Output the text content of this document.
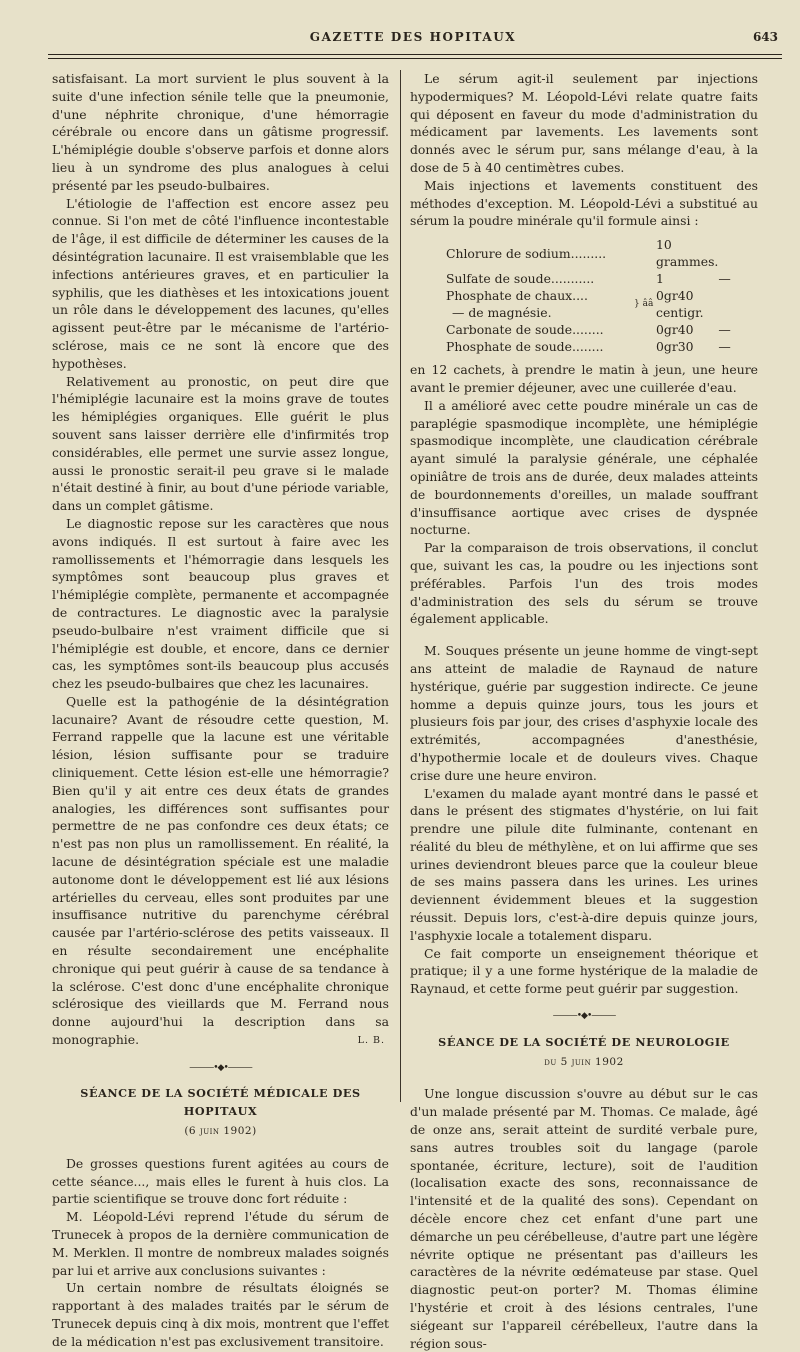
GAZETTE DES HOPITAUX	643

satisfaisant. La mort survient le plus souvent à la suite d'une infection sénile telle que la pneumonie, d'une néphrite chronique, d'une hémorragie cérébrale ou encore dans un gâtisme progressif. L'hémiplégie double s'observe parfois et donne alors lieu à un syndrome des plus analogues à celui présenté par les pseudo-bulbaires.

L'étiologie de l'affection est encore assez peu connue. Si l'on met de côté l'influence incontestable de l'âge, il est difficile de déterminer les causes de la désintégration lacunaire. Il est vraisemblable que les infections antérieures graves, et en particulier la syphilis, que les diathèses et les intoxications jouent un rôle dans le développement des lacunes, qu'elles agissent peut-être par le mécanisme de l'artério-sclérose, mais ce ne sont là encore que des hypothèses.

Relativement au pronostic, on peut dire que l'hémiplégie lacunaire est la moins grave de toutes les hémiplégies organiques. Elle guérit le plus souvent sans laisser derrière elle d'infirmités trop considérables, elle permet une survie assez longue, aussi le pronostic serait-il peu grave si le malade n'était destiné à finir, au bout d'une période variable, dans un complet gâtisme.

Le diagnostic repose sur les caractères que nous avons indiqués. Il est surtout à faire avec les ramollissements et l'hémorragie dans lesquels les symptômes sont beaucoup plus graves et l'hémiplégie complète, permanente et accompagnée de contractures. Le diagnostic avec la paralysie pseudo-bulbaire n'est vraiment difficile que si l'hémiplégie est double, et encore, dans ce dernier cas, les symptômes sont-ils beaucoup plus accusés chez les pseudo-bulbaires que chez les lacunaires.

Quelle est la pathogénie de la désintégration lacunaire? Avant de résoudre cette question, M. Ferrand rappelle que la lacune est une véritable lésion, lésion suffisante pour se traduire cliniquement. Cette lésion est-elle une hémorragie? Bien qu'il y ait entre ces deux états de grandes analogies, les différences sont suffisantes pour permettre de ne pas confondre ces deux états; ce n'est pas non plus un ramollissement. En réalité, la lacune de désintégration spéciale est une maladie autonome dont le développement est lié aux lésions artérielles du cerveau, elles sont produites par une insuffisance nutritive du parenchyme cérébral causée par l'artério-sclérose des petits vaisseaux. Il en résulte secondairement une encéphalite chronique qui peut guérir à cause de sa tendance à la sclérose. C'est donc d'une encéphalite chronique sclérosique des vieillards que M. Ferrand nous donne aujourd'hui la description dans sa monographie.	L. B.

———•◆•———

SÉANCE DE LA SOCIÉTÉ MÉDICALE DES HOPITAUX

(6 juin 1902)

De grosses questions furent agitées au cours de cette séance..., mais elles le furent à huis clos. La partie scientifique se trouve donc fort réduite :

M. Léopold-Lévi reprend l'étude du sérum de Trunecek à propos de la dernière communication de M. Merklen. Il montre de nombreux malades soignés par lui et arrive aux conclusions suivantes :

Un certain nombre de résultats éloignés se rapportant à des malades traités par le sérum de Trunecek depuis cinq à dix mois, montrent que l'effet de la médication n'est pas exclusivement transitoire.

Le sérum agit-il seulement par injections hypodermiques? M. Léopold-Lévi relate quatre faits qui déposent en faveur du mode d'administration du médicament par lavements. Les lavements sont donnés avec le sérum pur, sans mélange d'eau, à la dose de 5 à 40 centimètres cubes.

Mais injections et lavements constituent des méthodes d'exception. M. Léopold-Lévi a substitué au sérum la poudre minérale qu'il formule ainsi :

Chlorure de sodium.........		10 grammes.	
Sulfate de soude...........		1	—
Phosphate de chaux....	} ââ	0gr40 centigr.	
— de magnésie.			
Carbonate de soude........		0gr40	—
Phosphate de soude........		0gr30	—

en 12 cachets, à prendre le matin à jeun, une heure avant le premier déjeuner, avec une cuillerée d'eau.

Il a amélioré avec cette poudre minérale un cas de paraplégie spasmodique incomplète, une hémiplégie spasmodique incomplète, une claudication cérébrale ayant simulé la paralysie générale, une céphalée opiniâtre de trois ans de durée, deux malades atteints de bourdonnements d'oreilles, un malade souffrant d'insuffisance aortique avec crises de dyspnée nocturne.

Par la comparaison de trois observations, il conclut que, suivant les cas, la poudre ou les injections sont préférables. Parfois l'un des trois modes d'administration des sels du sérum se trouve également applicable.

M. Souques présente un jeune homme de vingt-sept ans atteint de maladie de Raynaud de nature hystérique, guérie par suggestion indirecte. Ce jeune homme a depuis quinze jours, tous les jours et plusieurs fois par jour, des crises d'asphyxie locale des extrémités, accompagnées d'anesthésie, d'hypothermie locale et de douleurs vives. Chaque crise dure une heure environ.

L'examen du malade ayant montré dans le passé et dans le présent des stigmates d'hystérie, on lui fait prendre une pilule dite fulminante, contenant en réalité du bleu de méthylène, et on lui affirme que ses urines deviendront bleues parce que la couleur bleue de ses mains passera dans les urines. Les urines deviennent évidemment bleues et la suggestion réussit. Depuis lors, c'est-à-dire depuis quinze jours, l'asphyxie locale a totalement disparu.

Ce fait comporte un enseignement théorique et pratique; il y a une forme hystérique de la maladie de Raynaud, et cette forme peut guérir par suggestion.

———•◆•———

SÉANCE DE LA SOCIÉTÉ DE NEUROLOGIE

du 5 juin 1902

Une longue discussion s'ouvre au début sur le cas d'un malade présenté par M. Thomas. Ce malade, âgé de onze ans, serait atteint de surdité verbale pure, sans autres troubles soit du langage (parole spontanée, écriture, lecture), soit de l'audition (localisation exacte des sons, reconnaissance de l'intensité et de la qualité des sons). Cependant on décèle encore chez cet enfant d'une part une démarche un peu cérébelleuse, d'autre part une légère névrite optique ne présentant pas d'ailleurs les caractères de la névrite œdémateuse par stase. Quel diagnostic peut-on porter? M. Thomas élimine l'hystérie et croit à des lésions centrales, l'une siégeant sur l'appareil cérébelleux, l'autre dans la région sous-
